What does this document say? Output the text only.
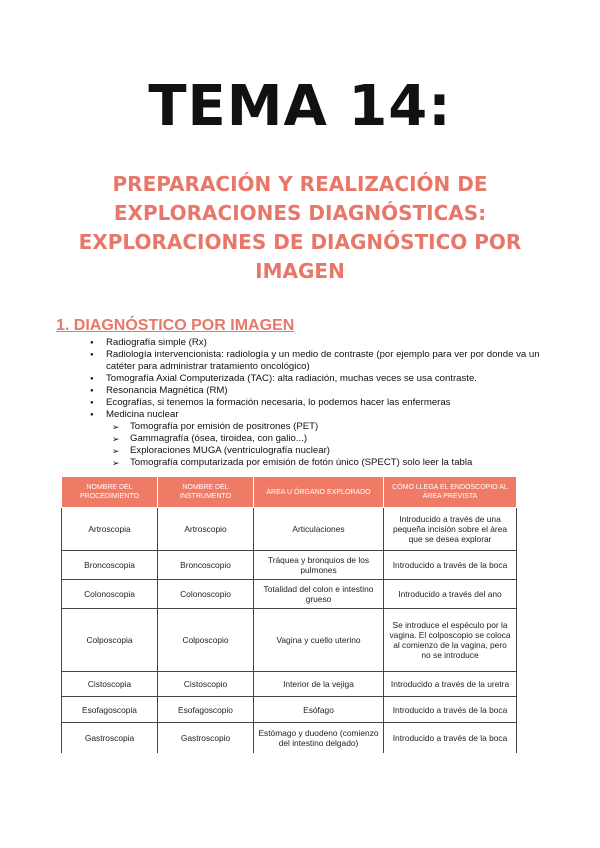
TEMA 14:
PREPARACIÓN Y REALIZACIÓN DE
EXPLORACIONES DIAGNÓSTICAS:
EXPLORACIONES DE DIAGNÓSTICO POR
IMAGEN
1. DIAGNÓSTICO POR IMAGEN
● Radiografía simple (Rx)
● Radiología intervencionista: radiología y un medio de contraste (por ejemplo para ver por donde va un catéter para administrar tratamiento oncológico)
● Tomografía Axial Computerizada (TAC): alta radiación, muchas veces se usa contraste.
● Resonancia Magnética (RM)
● Ecografías, si tenemos la formación necesaria, lo podemos hacer las enfermeras
● Medicina nuclear
➢ Tomografía por emisión de positrones (PET)
➢ Gammagrafía (ósea, tiroidea, con galio...)
➢ Exploraciones MUGA (ventriculografía nuclear)
➢ Tomografía computarizada por emisión de fotón único (SPECT) solo leer la tabla
NOMBRE DEL PROCEDIMIENTO	NOMBRE DEL INSTRUMENTO	ÁREA U ÓRGANO EXPLORADO	CÓMO LLEGA EL ENDOSCOPIO AL ÁREA PREVISTA
Artroscopia	Artroscopio	Articulaciones	Introducido a través de una pequeña incisión sobre el área que se desea explorar
Broncoscopia	Broncoscopio	Tráquea y bronquios de los pulmones	Introducido a través de la boca
Colonoscopia	Colonoscopio	Totalidad del colon e intestino grueso	Introducido a través del ano
Colposcopia	Colposcopio	Vagina y cuello uterino	Se introduce el espéculo por la vagina. El colposcopio se coloca al comienzo de la vagina, pero no se introduce
Cistoscopia	Cistoscopio	Interior de la vejiga	Introducido a través de la uretra
Esofagoscopia	Esofagoscopio	Esófago	Introducido a través de la boca
Gastroscopia	Gastroscopio	Estómago y duodeno (comienzo del intestino delgado)	Introducido a través de la boca
